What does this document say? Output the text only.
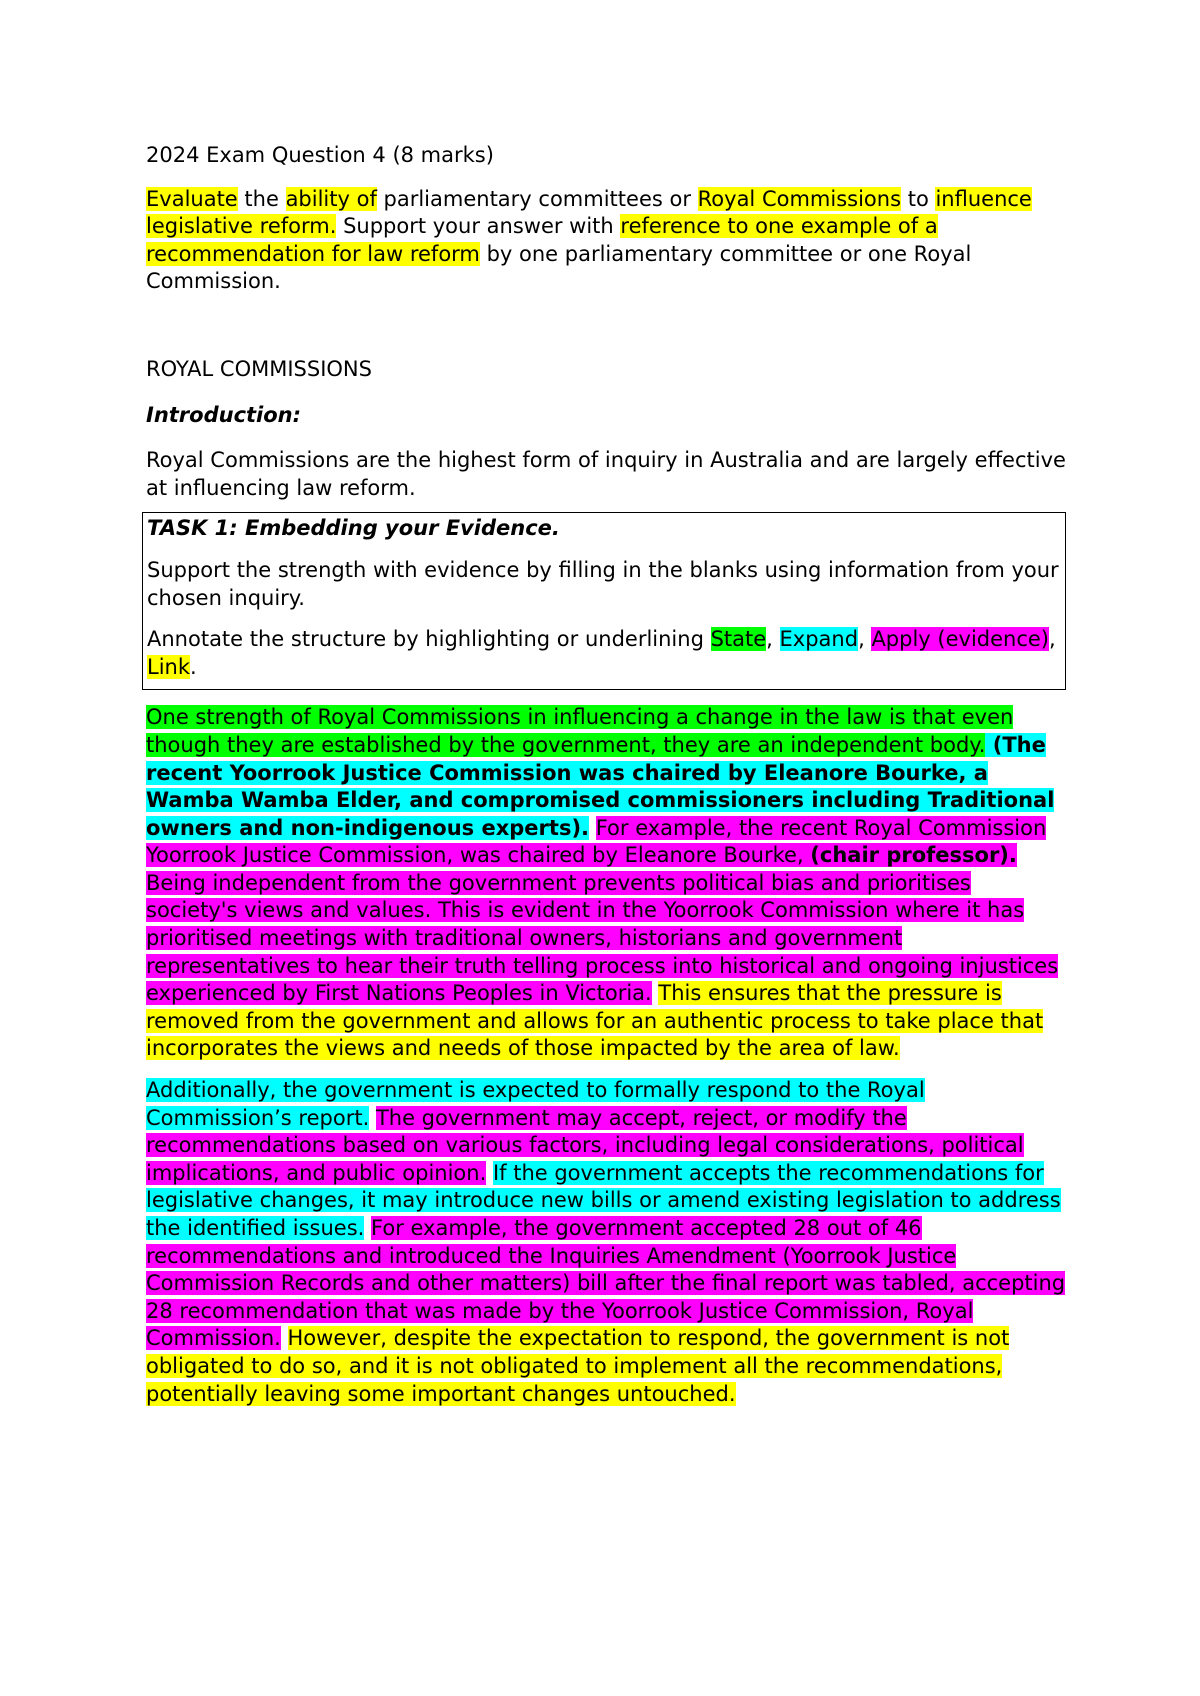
2024 Exam Question 4 (8 marks)

Evaluate the ability of parliamentary committees or Royal Commissions to influence legislative reform. Support your answer with reference to one example of a recommendation for law reform by one parliamentary committee or one Royal Commission.

ROYAL COMMISSIONS

Introduction:

Royal Commissions are the highest form of inquiry in Australia and are largely effective at influencing law reform.

TASK 1: Embedding your Evidence.

Support the strength with evidence by filling in the blanks using information from your chosen inquiry.

Annotate the structure by highlighting or underlining State, Expand, Apply (evidence), Link.

One strength of Royal Commissions in influencing a change in the law is that even though they are established by the government, they are an independent body. (The recent Yoorrook Justice Commission was chaired by Eleanore Bourke, a Wamba Wamba Elder, and compromised commissioners including Traditional owners and non-indigenous experts). For example, the recent Royal Commission Yoorrook Justice Commission, was chaired by Eleanore Bourke, (chair professor). Being independent from the government prevents political bias and prioritises society's views and values. This is evident in the Yoorrook Commission where it has prioritised meetings with traditional owners, historians and government representatives to hear their truth telling process into historical and ongoing injustices experienced by First Nations Peoples in Victoria. This ensures that the pressure is removed from the government and allows for an authentic process to take place that incorporates the views and needs of those impacted by the area of law.

Additionally, the government is expected to formally respond to the Royal Commission’s report. The government may accept, reject, or modify the recommendations based on various factors, including legal considerations, political implications, and public opinion. If the government accepts the recommendations for legislative changes, it may introduce new bills or amend existing legislation to address the identified issues. For example, the government accepted 28 out of 46 recommendations and introduced the Inquiries Amendment (Yoorrook Justice Commission Records and other matters) bill after the final report was tabled, accepting 28 recommendation that was made by the Yoorrook Justice Commission, Royal Commission. However, despite the expectation to respond, the government is not obligated to do so, and it is not obligated to implement all the recommendations, potentially leaving some important changes untouched.
